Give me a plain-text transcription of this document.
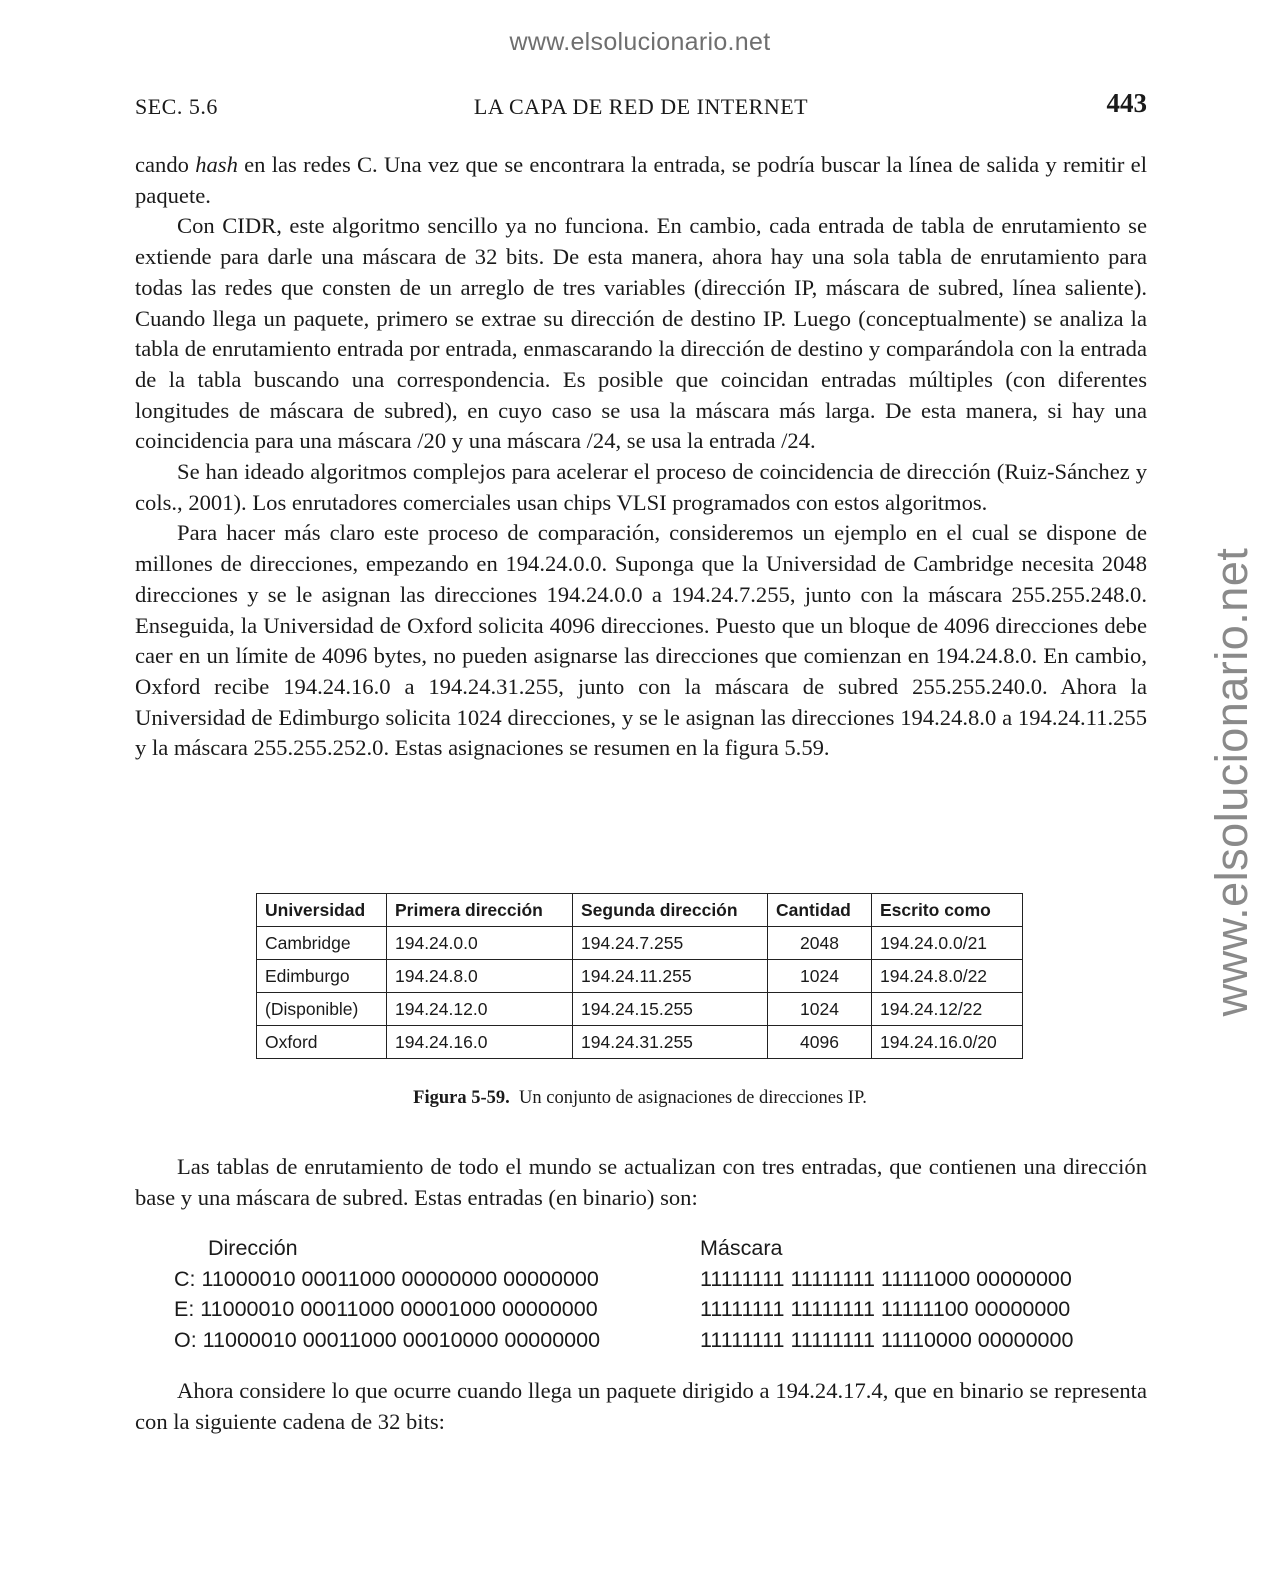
www.elsolucionario.net
www.elsolucionario.net
SEC. 5.6	LA CAPA DE RED DE INTERNET	443

cando hash en las redes C. Una vez que se encontrara la entrada, se podría buscar la línea de salida y remitir el paquete.

Con CIDR, este algoritmo sencillo ya no funciona. En cambio, cada entrada de tabla de enrutamiento se extiende para darle una máscara de 32 bits. De esta manera, ahora hay una sola tabla de enrutamiento para todas las redes que consten de un arreglo de tres variables (dirección IP, máscara de subred, línea saliente). Cuando llega un paquete, primero se extrae su dirección de destino IP. Luego (conceptualmente) se analiza la tabla de enrutamiento entrada por entrada, enmascarando la dirección de destino y comparándola con la entrada de la tabla buscando una correspondencia. Es posible que coincidan entradas múltiples (con diferentes longitudes de máscara de subred), en cuyo caso se usa la máscara más larga. De esta manera, si hay una coincidencia para una máscara /20 y una máscara /24, se usa la entrada /24.

Se han ideado algoritmos complejos para acelerar el proceso de coincidencia de dirección (Ruiz-Sánchez y cols., 2001). Los enrutadores comerciales usan chips VLSI programados con estos algoritmos.

Para hacer más claro este proceso de comparación, consideremos un ejemplo en el cual se dispone de millones de direcciones, empezando en 194.24.0.0. Suponga que la Universidad de Cambridge necesita 2048 direcciones y se le asignan las direcciones 194.24.0.0 a 194.24.7.255, junto con la máscara 255.255.248.0. Enseguida, la Universidad de Oxford solicita 4096 direcciones. Puesto que un bloque de 4096 direcciones debe caer en un límite de 4096 bytes, no pueden asignarse las direcciones que comienzan en 194.24.8.0. En cambio, Oxford recibe 194.24.16.0 a 194.24.31.255, junto con la máscara de subred 255.255.240.0. Ahora la Universidad de Edimburgo solicita 1024 direcciones, y se le asignan las direcciones 194.24.8.0 a 194.24.11.255 y la máscara 255.255.252.0. Estas asignaciones se resumen en la figura 5.59.

Universidad	Primera dirección	Segunda dirección	Cantidad	Escrito como
Cambridge	194.24.0.0	194.24.7.255	2048	194.24.0.0/21
Edimburgo	194.24.8.0	194.24.11.255	1024	194.24.8.0/22
(Disponible)	194.24.12.0	194.24.15.255	1024	194.24.12/22
Oxford	194.24.16.0	194.24.31.255	4096	194.24.16.0/20
Figura 5-59. Un conjunto de asignaciones de direcciones IP.

Las tablas de enrutamiento de todo el mundo se actualizan con tres entradas, que contienen una dirección base y una máscara de subred. Estas entradas (en binario) son:

Dirección	Máscara
C: 11000010 00011000 00000000 00000000	11111111 11111111 11111000 00000000
E: 11000010 00011000 00001000 00000000	11111111 11111111 11111100 00000000
O: 11000010 00011000 00010000 00000000	11111111 11111111 11110000 00000000

Ahora considere lo que ocurre cuando llega un paquete dirigido a 194.24.17.4, que en binario se representa con la siguiente cadena de 32 bits:
